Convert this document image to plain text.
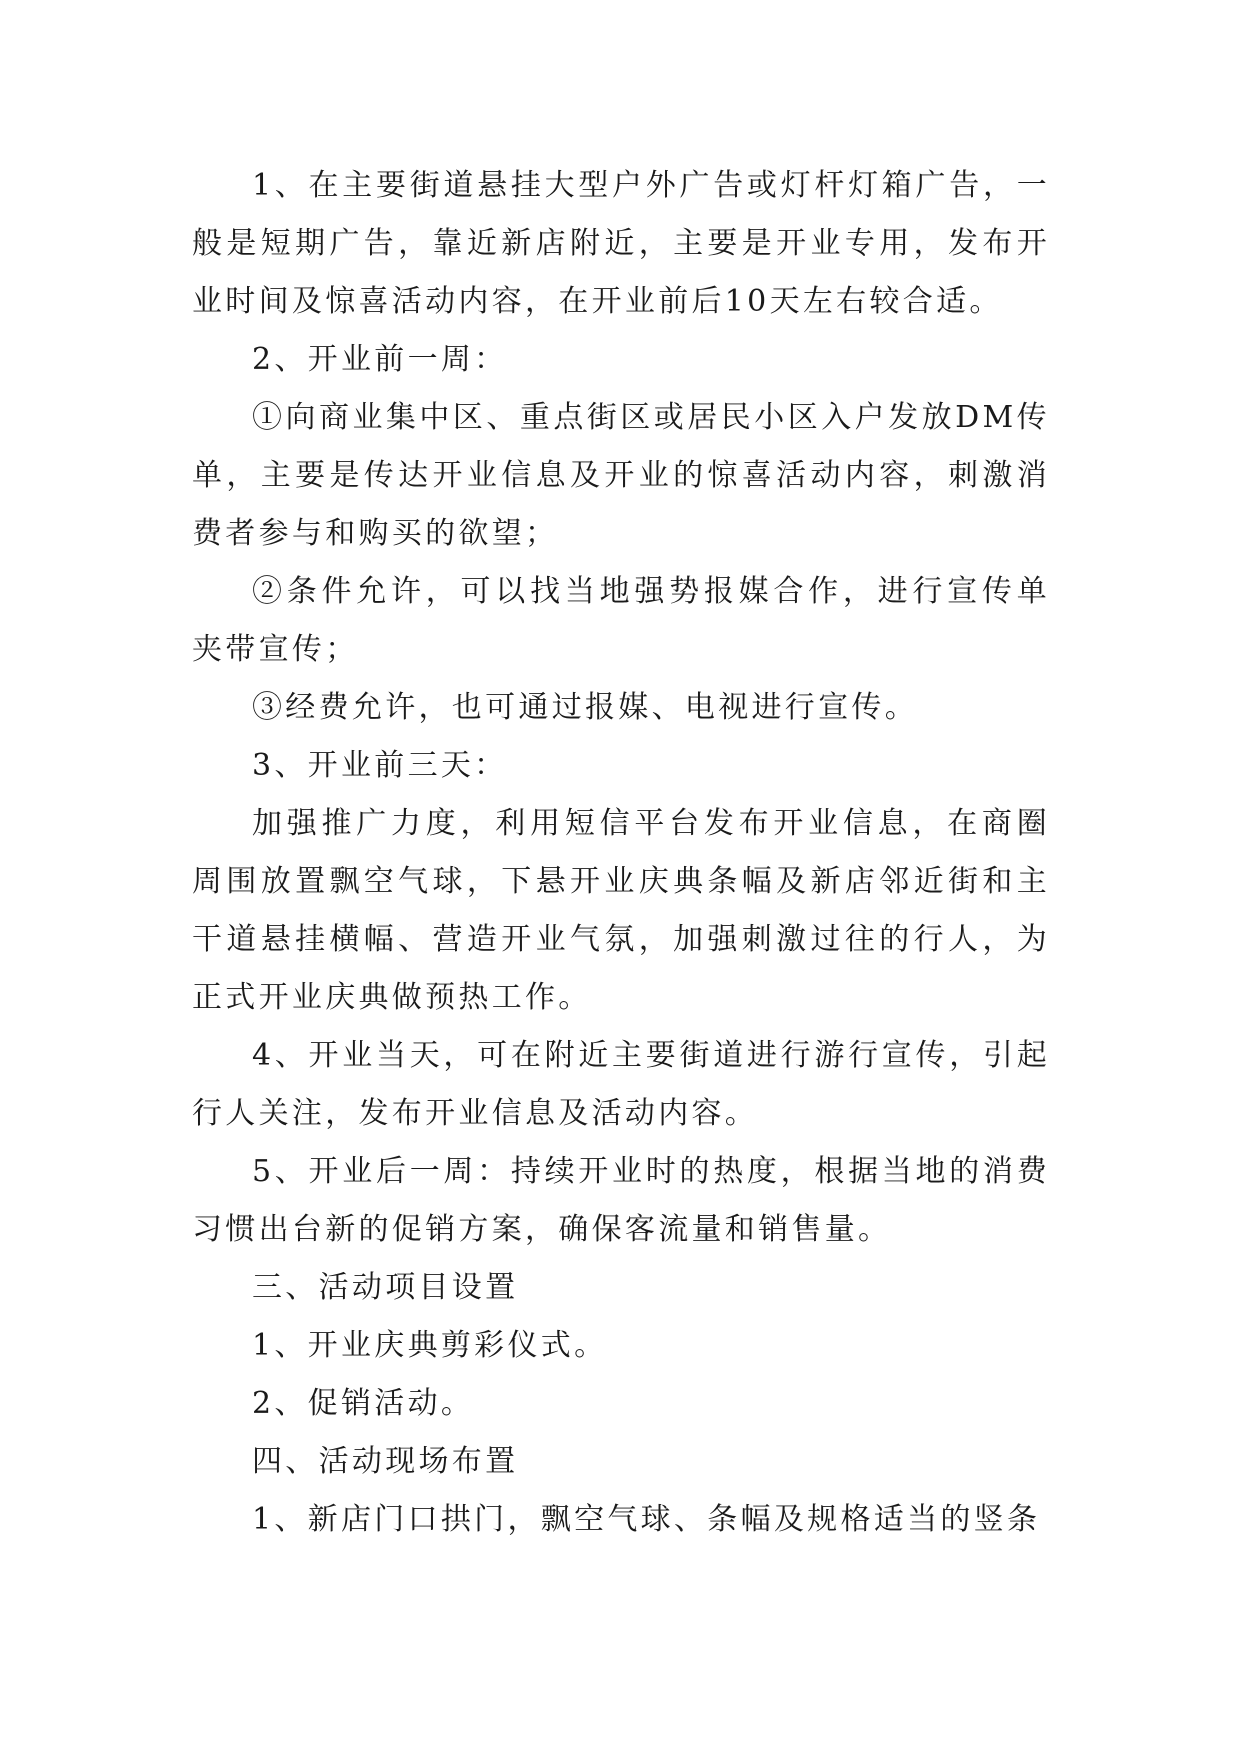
1、在主要街道悬挂大型户外广告或灯杆灯箱广告，一般是短期广告，靠近新店附近，主要是开业专用，发布开业时间及惊喜活动内容，在开业前后10天左右较合适。

2、开业前一周：

①向商业集中区、重点街区或居民小区入户发放DM传单，主要是传达开业信息及开业的惊喜活动内容，刺激消费者参与和购买的欲望；

②条件允许，可以找当地强势报媒合作，进行宣传单夹带宣传；

③经费允许，也可通过报媒、电视进行宣传。

3、开业前三天：

加强推广力度，利用短信平台发布开业信息，在商圈周围放置飘空气球，下悬开业庆典条幅及新店邻近街和主干道悬挂横幅、营造开业气氛，加强刺激过往的行人，为正式开业庆典做预热工作。

4、开业当天，可在附近主要街道进行游行宣传，引起行人关注，发布开业信息及活动内容。

5、开业后一周：持续开业时的热度，根据当地的消费习惯出台新的促销方案，确保客流量和销售量。

三、活动项目设置

1、开业庆典剪彩仪式。

2、促销活动。

四、活动现场布置

1、新店门口拱门，飘空气球、条幅及规格适当的竖条
